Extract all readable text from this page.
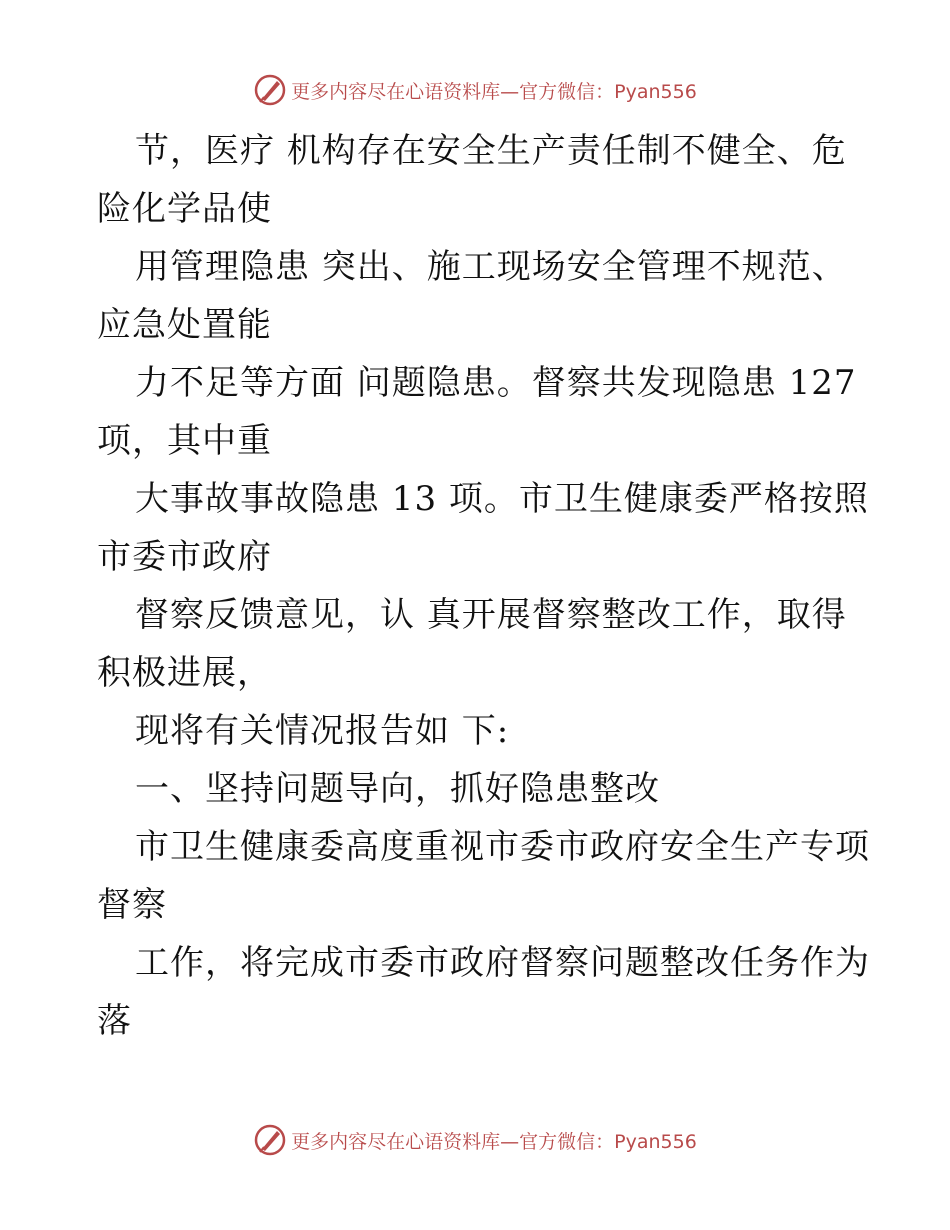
更多内容尽在心语资料库—官方微信：Pyan556
节，医疗 机构存在安全生产责任制不健全、危
险化学品使
用管理隐患 突出、施工现场安全管理不规范、
应急处置能
力不足等方面 问题隐患。督察共发现隐患 127
项，其中重
大事故事故隐患 13 项。市卫生健康委严格按照
市委市政府
督察反馈意见，认 真开展督察整改工作，取得
积极进展，
现将有关情况报告如 下:
一、坚持问题导向，抓好隐患整改
市卫生健康委高度重视市委市政府安全生产专项
督察
工作，将完成市委市政府督察问题整改任务作为
落
更多内容尽在心语资料库—官方微信：Pyan556
